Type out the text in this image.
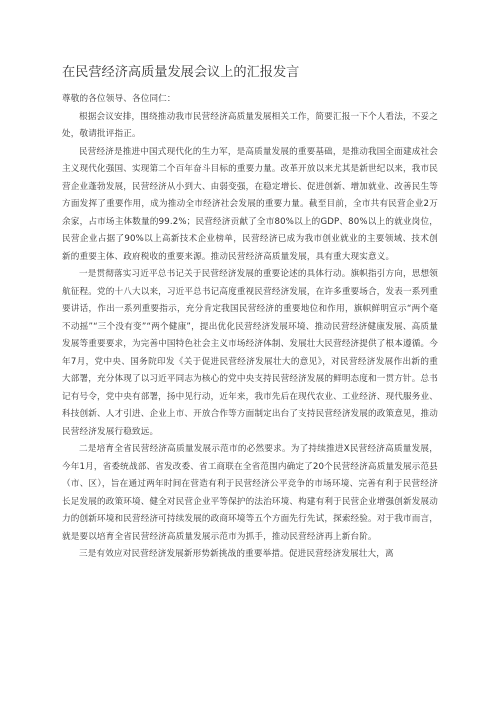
在民营经济高质量发展会议上的汇报发言

尊敬的各位领导、各位同仁：

根据会议安排，围绕推动我市民营经济高质量发展相关工作，简要汇报一下个人看法，不妥之处，敬请批评指正。

民营经济是推进中国式现代化的生力军，是高质量发展的重要基础，是推动我国全面建成社会主义现代化强国、实现第二个百年奋斗目标的重要力量。改革开放以来尤其是新世纪以来，我市民营企业蓬勃发展，民营经济从小到大、由弱变强，在稳定增长、促进创新、增加就业、改善民生等方面发挥了重要作用，成为推动全市经济社会发展的重要力量。截至目前，全市共有民营企业2万余家，占市场主体数量的99.2%；民营经济贡献了全市80%以上的GDP、80%以上的就业岗位，民营企业占据了90%以上高新技术企业榜单，民营经济已成为我市创业就业的主要领域、技术创新的重要主体、政府税收的重要来源。推动民营经济高质量发展，具有重大现实意义。

一是贯彻落实习近平总书记关于民营经济发展的重要论述的具体行动。旗帜指引方向，思想领航征程。党的十八大以来，习近平总书记高度重视民营经济发展，在许多重要场合，发表一系列重要讲话，作出一系列重要指示，充分肯定我国民营经济的重要地位和作用，旗帜鲜明宣示“两个毫不动摇”“三个没有变”“两个健康”，提出优化民营经济发展环境、推动民营经济健康发展、高质量发展等重要要求，为完善中国特色社会主义市场经济体制、发展壮大民营经济提供了根本遵循。今年7月，党中央、国务院印发《关于促进民营经济发展壮大的意见》，对民营经济发展作出新的重大部署，充分体现了以习近平同志为核心的党中央支持民营经济发展的鲜明态度和一贯方针。总书记有号令，党中央有部署，扬中见行动，近年来，我市先后在现代农业、工业经济、现代服务业、科技创新、人才引进、企业上市、开放合作等方面制定出台了支持民营经济发展的政策意见，推动民营经济发展行稳致远。

二是培育全省民营经济高质量发展示范市的必然要求。为了持续推进X民营经济高质量发展，今年1月，省委统战部、省发改委、省工商联在全省范围内确定了20个民营经济高质量发展示范县（市、区），旨在通过两年时间在营造有利于民营经济公平竞争的市场环境、完善有利于民营经济长足发展的政策环境、健全对民营企业平等保护的法治环境、构建有利于民营企业增强创新发展动力的创新环境和民营经济可持续发展的政商环境等五个方面先行先试，探索经验。对于我市而言，就是要以培育全省民营经济高质量发展示范市为抓手，推动民营经济再上新台阶。

三是有效应对民营经济发展新形势新挑战的重要举措。促进民营经济发展壮大，离
